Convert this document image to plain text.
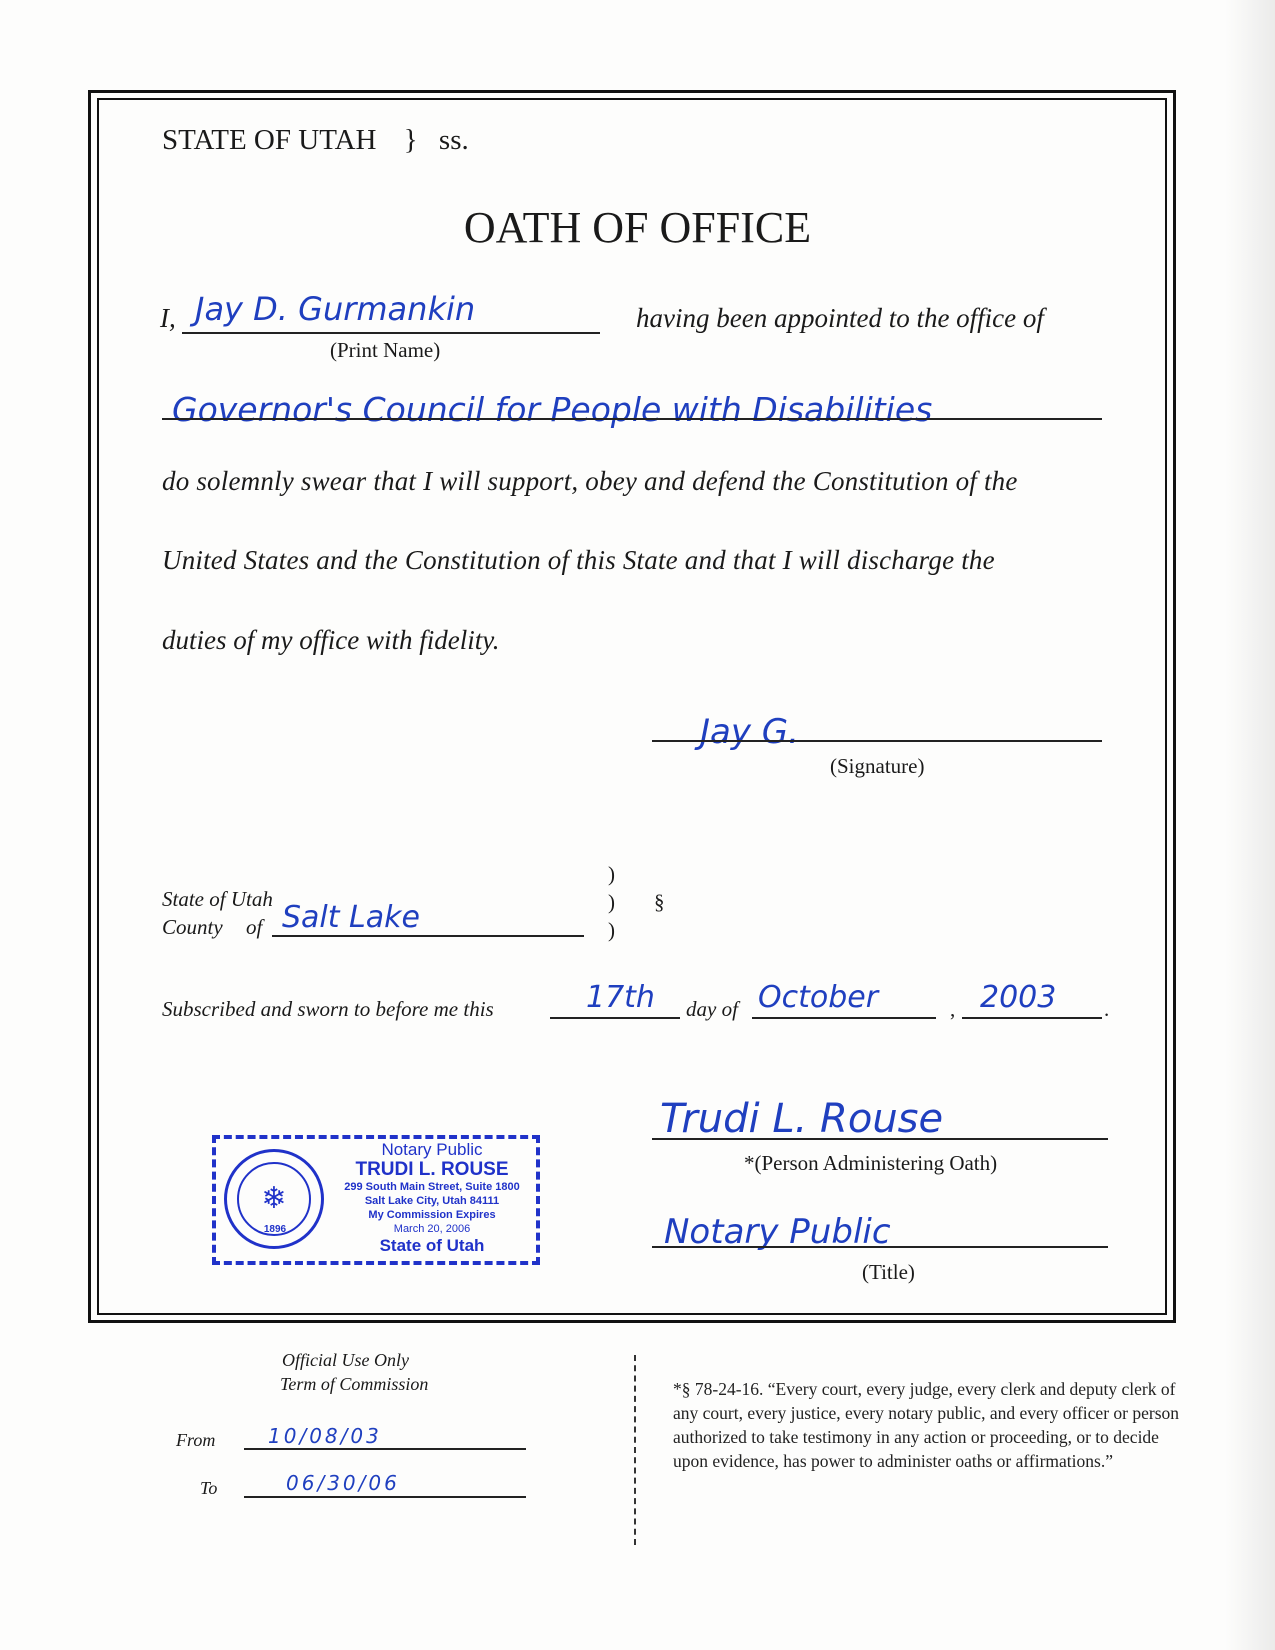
STATE OF UTAH } ss.
OATH OF OFFICE
I, Jay D. Gurmankin
(Print Name)
having been appointed to the office of
Governor's Council for People with Disabilities
do solemnly swear that I will support, obey and defend the Constitution of the
United States and the Constitution of this State and that I will discharge the
duties of my office with fidelity.
Jay G.
(Signature)
State of Utah
County of Salt Lake
)
)
)
§
Subscribed and sworn to before me this	17th day of October	, 2003 .
Trudi L. Rouse
*(Person Administering Oath)
Notary Public
(Title)
❄
1896
Notary Public
TRUDI L. ROUSE
299 South Main Street, Suite 1800
Salt Lake City, Utah 84111
My Commission Expires
March 20, 2006
State of Utah
Official Use Only
Term of Commission
From	10/08/03
To	06/30/06
*§ 78-24-16. “Every court, every judge, every clerk and deputy clerk of any court, every justice, every notary public, and every officer or person authorized to take testimony in any action or proceeding, or to decide upon evidence, has power to administer oaths or affirmations.”
